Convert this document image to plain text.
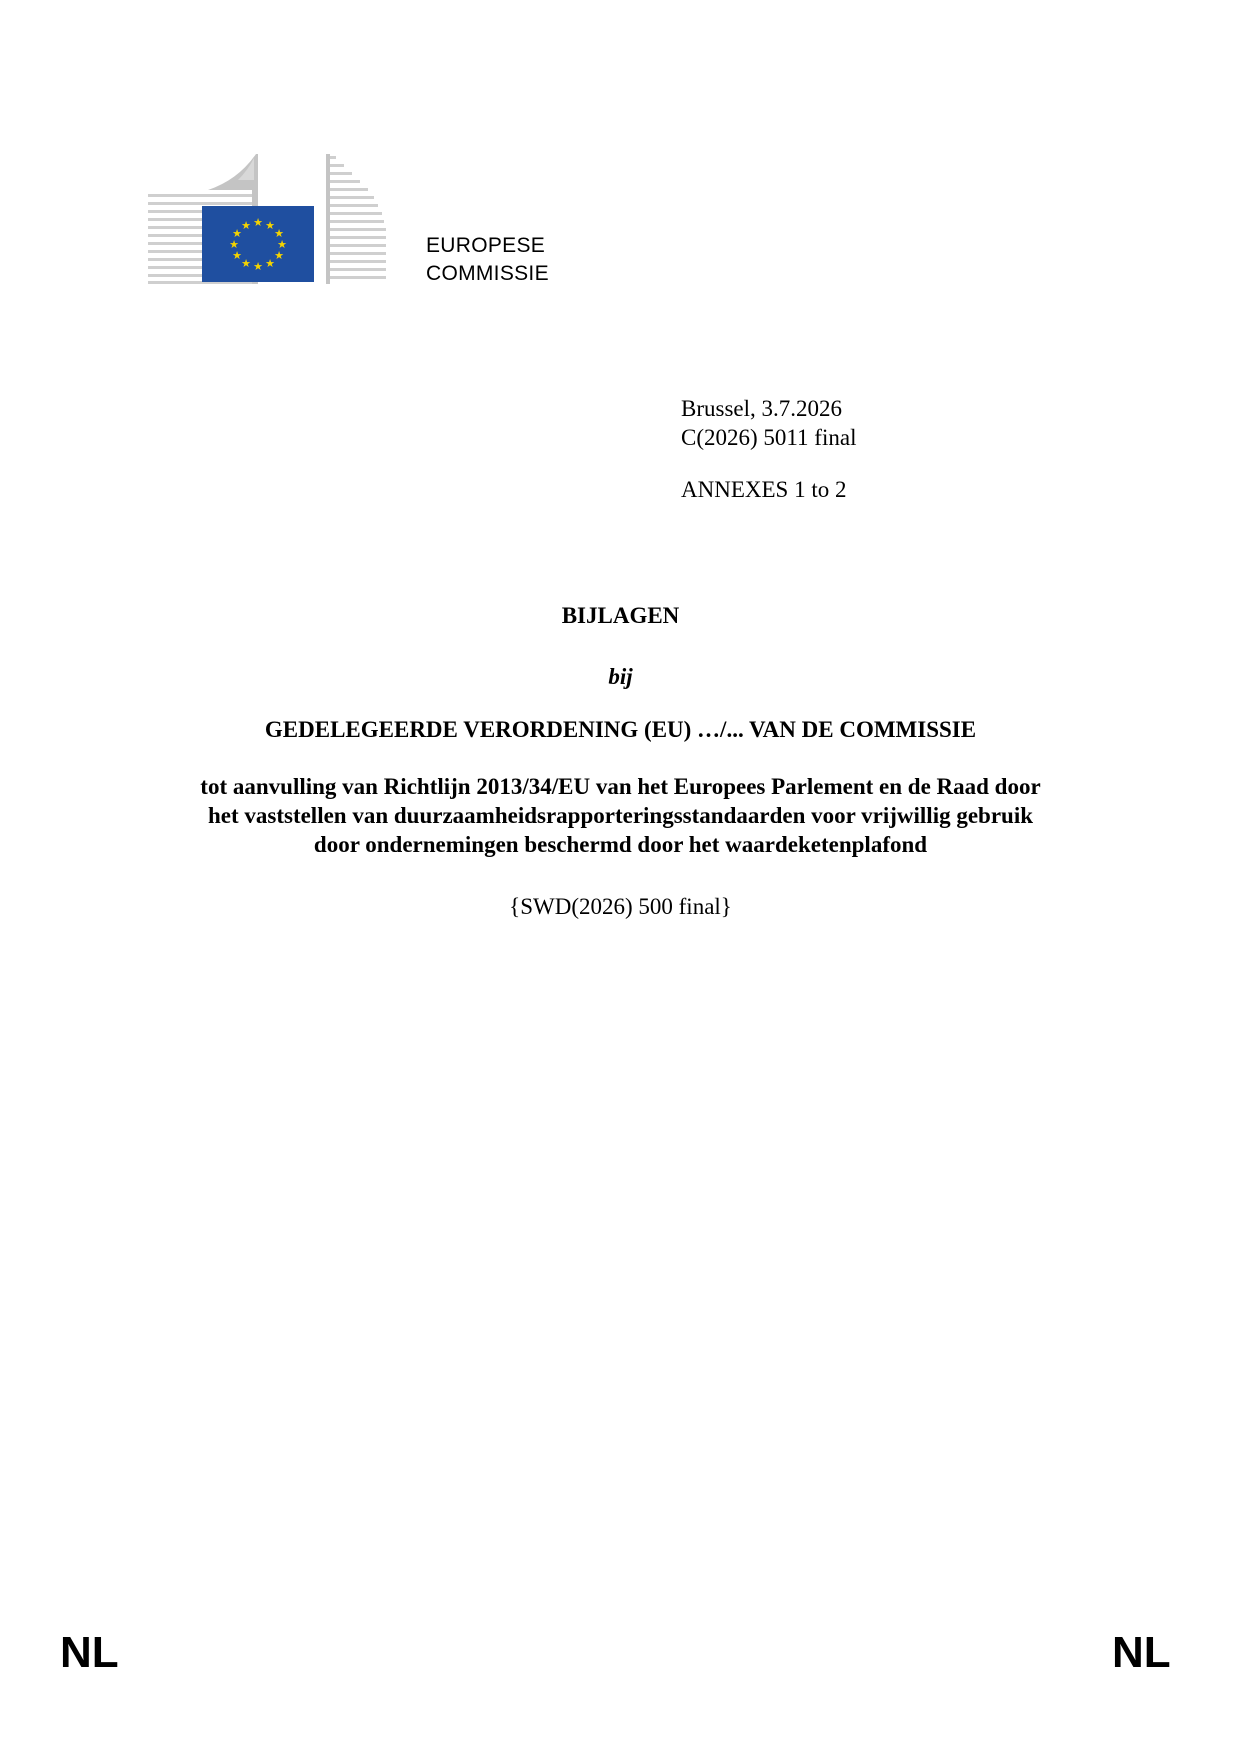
★ ★
★
★
★
★
★
★
★
★
★
★
EUROPESE
COMMISSIE
Brussel, 3.7.2026
C(2026) 5011 final
ANNEXES 1 to 2
BIJLAGEN
bij
GEDELEGEERDE VERORDENING (EU) …/... VAN DE COMMISSIE
tot aanvulling van Richtlijn 2013/34/EU van het Europees Parlement en de Raad door
het vaststellen van duurzaamheidsrapporteringsstandaarden voor vrijwillig gebruik
door ondernemingen beschermd door het waardeketenplafond
{SWD(2026) 500 final}
NL	NL
